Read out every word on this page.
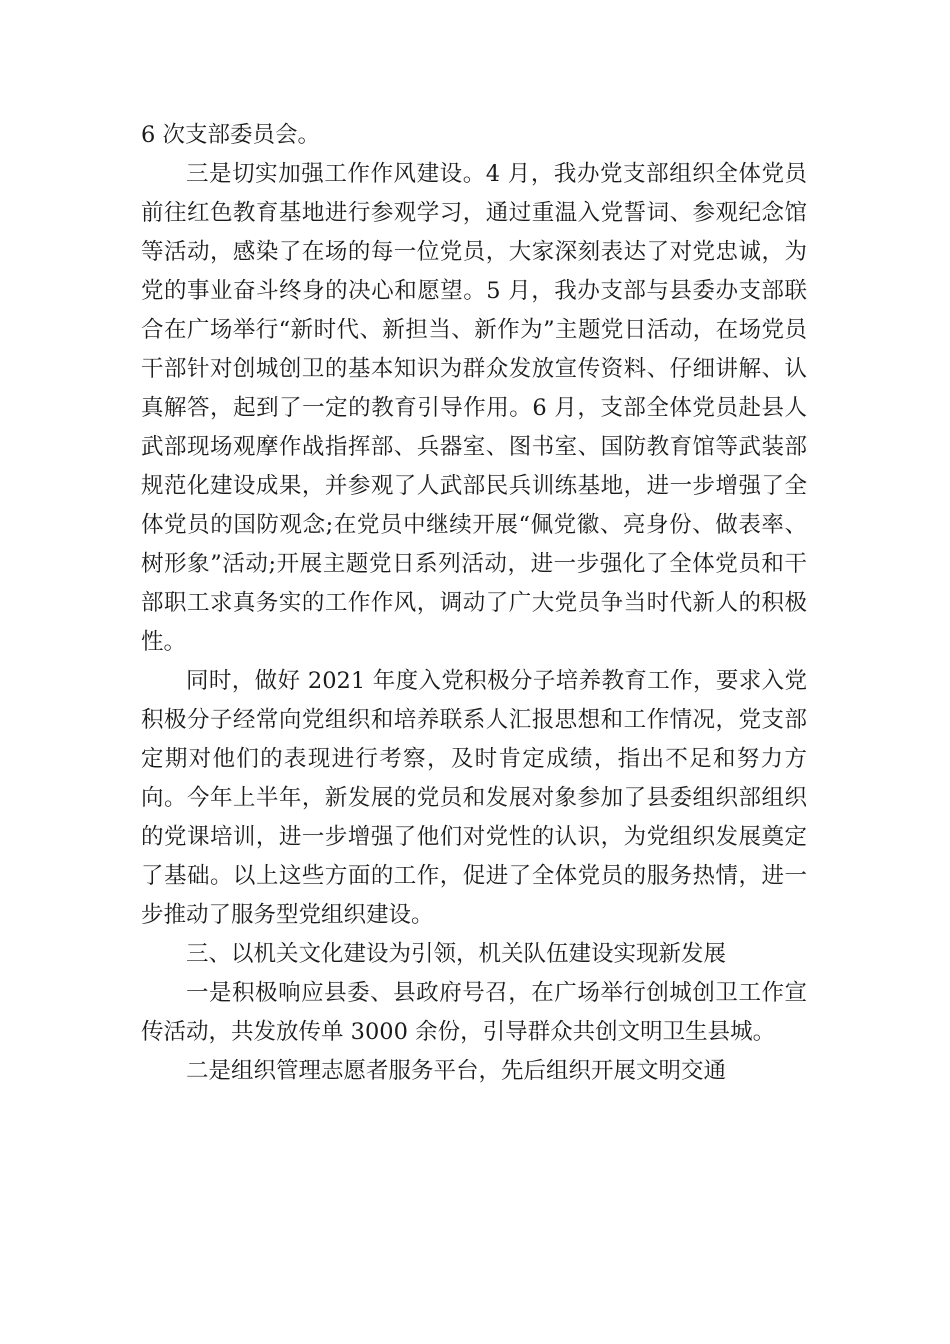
6 次支部委员会。

三是切实加强工作作风建设。4 月，我办党支部组织全体党员前往红色教育基地进行参观学习，通过重温入党誓词、参观纪念馆等活动，感染了在场的每一位党员，大家深刻表达了对党忠诚，为党的事业奋斗终身的决心和愿望。5 月，我办支部与县委办支部联合在广场举行“新时代、新担当、新作为”主题党日活动，在场党员干部针对创城创卫的基本知识为群众发放宣传资料、仔细讲解、认真解答，起到了一定的教育引导作用。6 月，支部全体党员赴县人武部现场观摩作战指挥部、兵器室、图书室、国防教育馆等武装部规范化建设成果，并参观了人武部民兵训练基地，进一步增强了全体党员的国防观念;在党员中继续开展“佩党徽、亮身份、做表率、树形象”活动;开展主题党日系列活动，进一步强化了全体党员和干部职工求真务实的工作作风，调动了广大党员争当时代新人的积极性。

同时，做好 2021 年度入党积极分子培养教育工作，要求入党积极分子经常向党组织和培养联系人汇报思想和工作情况，党支部定期对他们的表现进行考察，及时肯定成绩，指出不足和努力方向。今年上半年，新发展的党员和发展对象参加了县委组织部组织的党课培训，进一步增强了他们对党性的认识，为党组织发展奠定了基础。以上这些方面的工作，促进了全体党员的服务热情，进一步推动了服务型党组织建设。

三、以机关文化建设为引领，机关队伍建设实现新发展

一是积极响应县委、县政府号召，在广场举行创城创卫工作宣传活动，共发放传单 3000 余份，引导群众共创文明卫生县城。

二是组织管理志愿者服务平台，先后组织开展文明交通
